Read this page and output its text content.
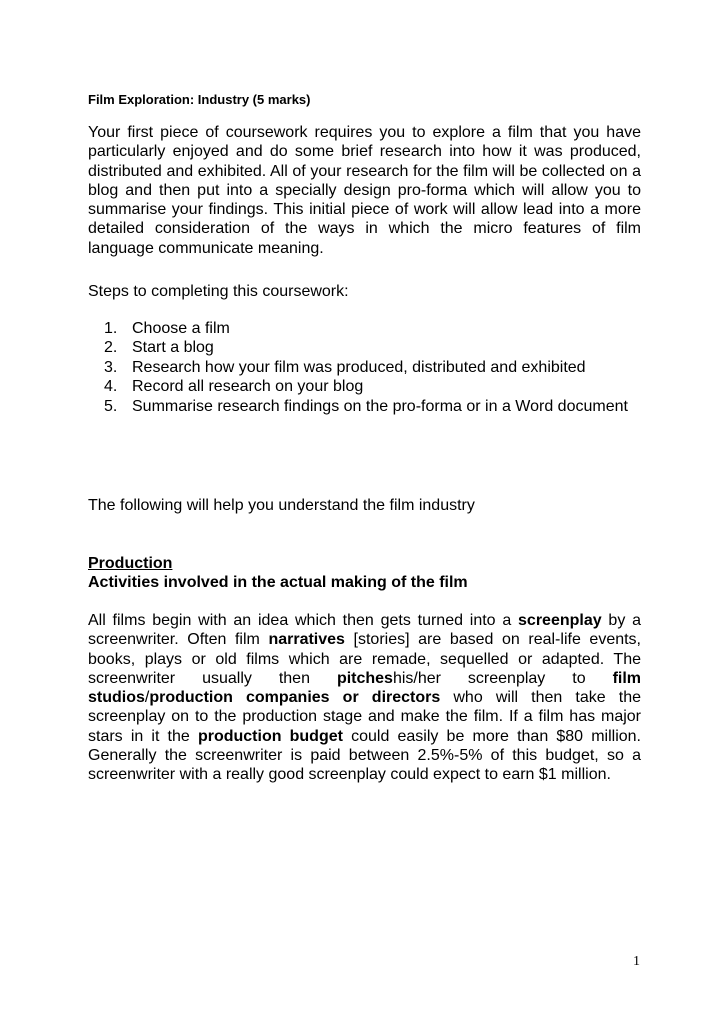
Film Exploration: Industry (5 marks)

Your first piece of coursework requires you to explore a film that you have particularly enjoyed and do some brief research into how it was produced, distributed and exhibited. All of your research for the film will be collected on a blog and then put into a specially design pro-forma which will allow you to summarise your findings. This initial piece of work will allow lead into a more detailed consideration of the ways in which the micro features of film language communicate meaning.

Steps to completing this coursework:

1. Choose a film
2. Start a blog
3. Research how your film was produced, distributed and exhibited
4. Record all research on your blog
5. Summarise research findings on the pro-forma or in a Word document

The following will help you understand the film industry

Production

Activities involved in the actual making of the film

All films begin with an idea which then gets turned into a screenplay by a screenwriter. Often film narratives [stories] are based on real-life events, books, plays or old films which are remade, sequelled or adapted. The screenwriter usually then pitcheshis/her screenplay to film studios/production companies or directors who will then take the screenplay on to the production stage and make the film. If a film has major stars in it the production budget could easily be more than $80 million. Generally the screenwriter is paid between 2.5%-5% of this budget, so a screenwriter with a really good screenplay could expect to earn $1 million.

1
